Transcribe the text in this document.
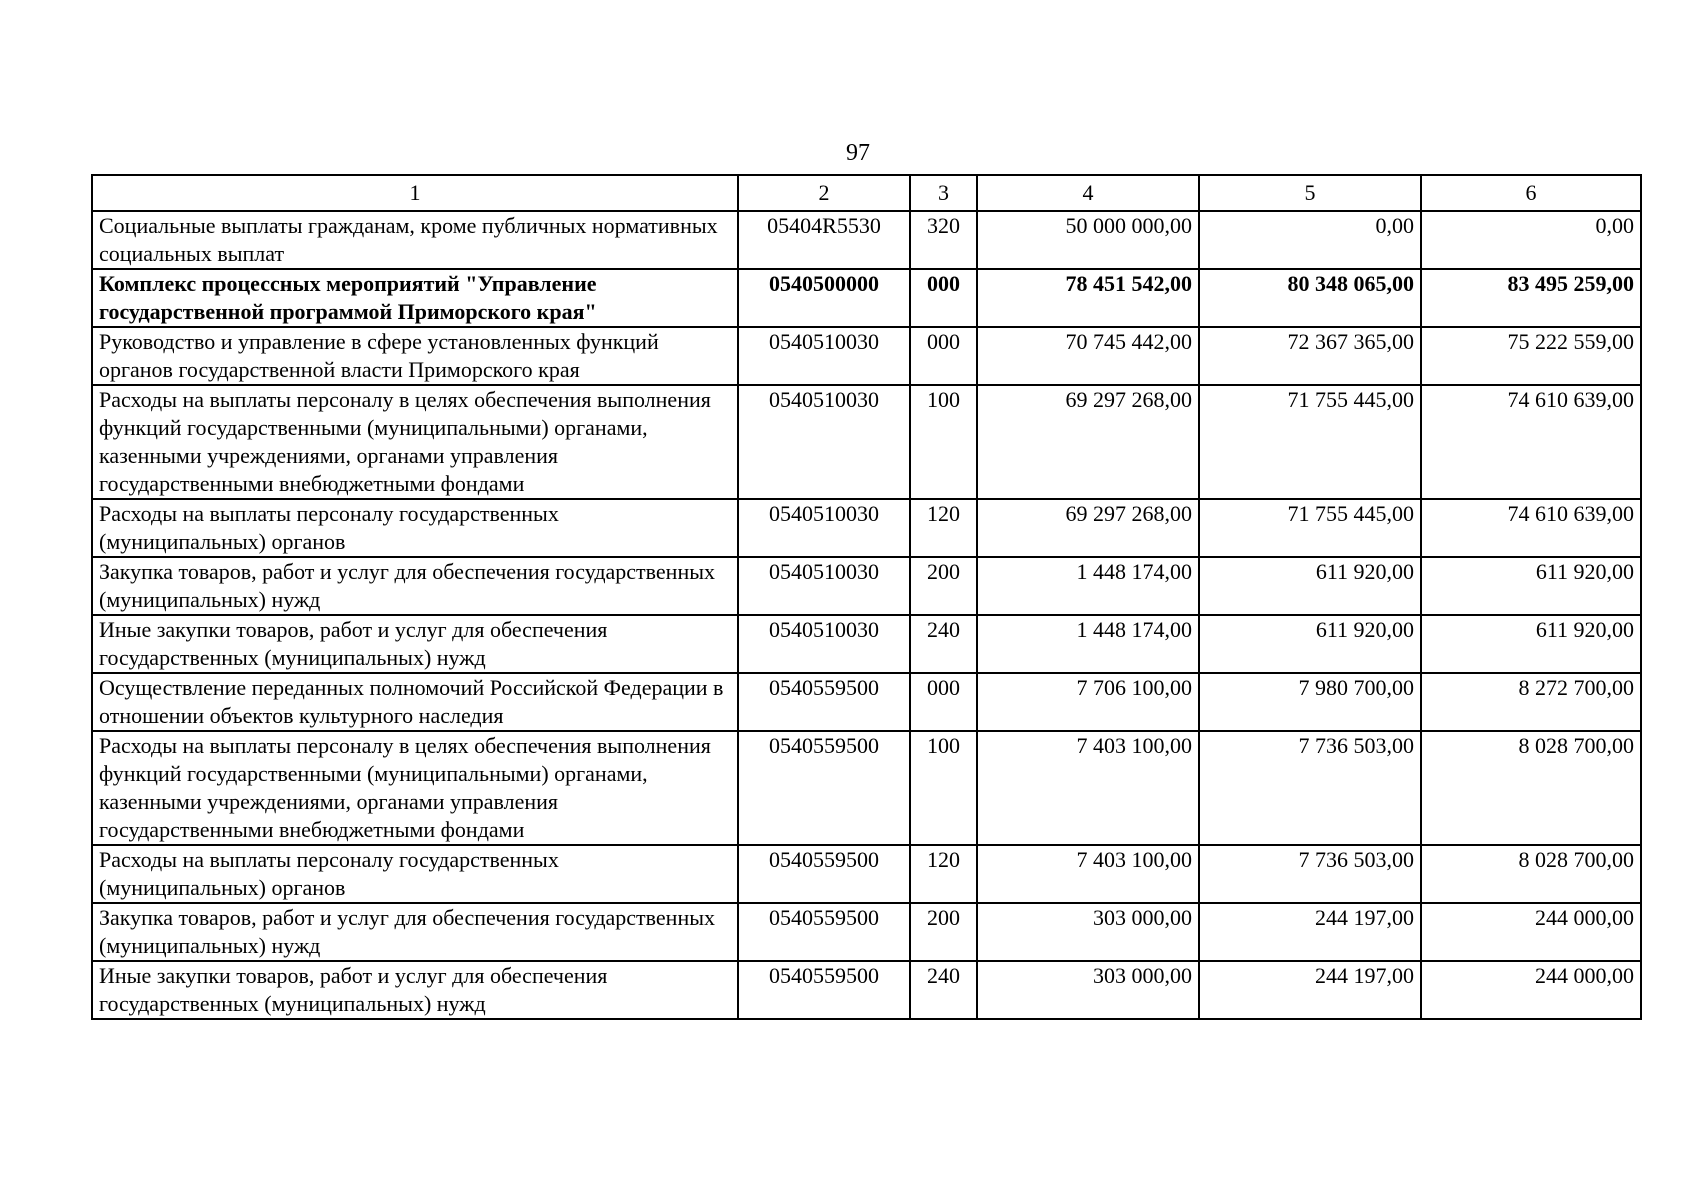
97
1	2	3	4	5	6
Социальные выплаты гражданам, кроме публичных нормативных социальных выплат	05404R5530	320	50 000 000,00	0,00	0,00
Комплекс процессных мероприятий "Управление государственной программой Приморского края"	0540500000	000	78 451 542,00	80 348 065,00	83 495 259,00
Руководство и управление в сфере установленных функций органов государственной власти Приморского края	0540510030	000	70 745 442,00	72 367 365,00	75 222 559,00
Расходы на выплаты персоналу в целях обеспечения выполнения функций государственными (муниципальными) органами, казенными учреждениями, органами управления государственными внебюджетными фондами	0540510030	100	69 297 268,00	71 755 445,00	74 610 639,00
Расходы на выплаты персоналу государственных (муниципальных) органов	0540510030	120	69 297 268,00	71 755 445,00	74 610 639,00
Закупка товаров, работ и услуг для обеспечения государственных (муниципальных) нужд	0540510030	200	1 448 174,00	611 920,00	611 920,00
Иные закупки товаров, работ и услуг для обеспечения государственных (муниципальных) нужд	0540510030	240	1 448 174,00	611 920,00	611 920,00
Осуществление переданных полномочий Российской Федерации в отношении объектов культурного наследия	0540559500	000	7 706 100,00	7 980 700,00	8 272 700,00
Расходы на выплаты персоналу в целях обеспечения выполнения функций государственными (муниципальными) органами, казенными учреждениями, органами управления государственными внебюджетными фондами	0540559500	100	7 403 100,00	7 736 503,00	8 028 700,00
Расходы на выплаты персоналу государственных (муниципальных) органов	0540559500	120	7 403 100,00	7 736 503,00	8 028 700,00
Закупка товаров, работ и услуг для обеспечения государственных (муниципальных) нужд	0540559500	200	303 000,00	244 197,00	244 000,00
Иные закупки товаров, работ и услуг для обеспечения государственных (муниципальных) нужд	0540559500	240	303 000,00	244 197,00	244 000,00
